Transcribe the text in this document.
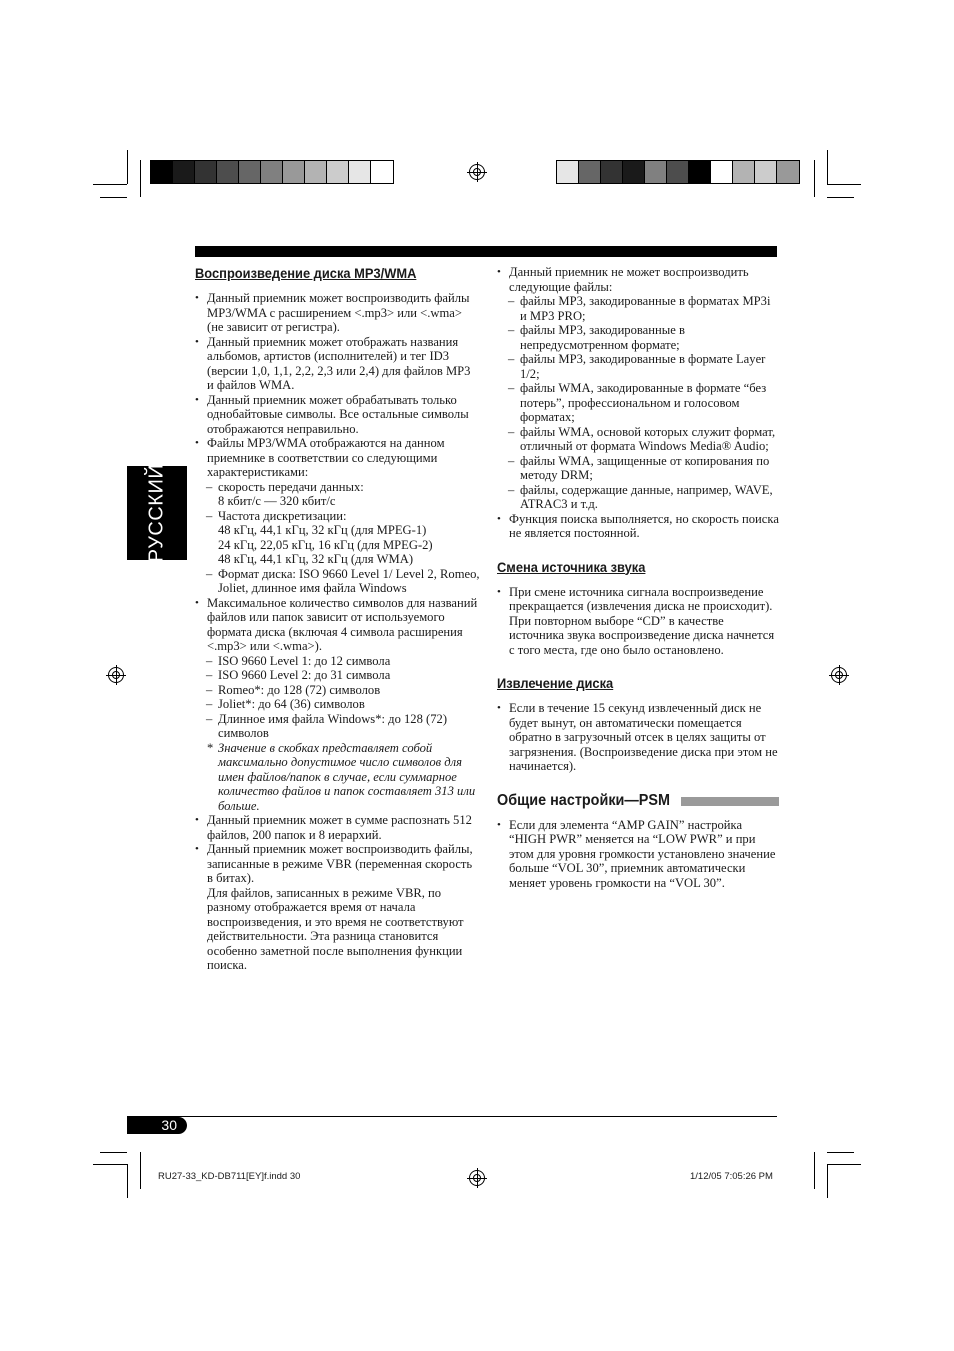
РУССКИЙ
Воспроизведение диска MP3/WMA
• Данный приемник может воспроизводить файлы MP3/WMA с расширением <.mp3> или <.wma> (не зависит от регистра).
• Данный приемник может отображать названия альбомов, артистов (исполнителей) и тег ID3 (версии 1,0, 1,1, 2,2, 2,3 или 2,4) для файлов MP3 и файлов WMA.
• Данный приемник может обрабатывать только однобайтовые символы. Все остальные символы отображаются неправильно.
• Файлы MP3/WMA отображаются на данном приемнике в соответствии со следующими характеристиками:
– скорость передачи данных:
8 кбит/с — 320 кбит/с
– Частота дискретизации:
48 кГц, 44,1 кГц, 32 кГц (для MPEG-1)
24 кГц, 22,05 кГц, 16 кГц (для MPEG-2)
48 кГц, 44,1 кГц, 32 кГц (для WMA)
– Формат диска: ISO 9660 Level 1/ Level 2, Romeo, Joliet, длинное имя файла Windows
• Максимальное количество символов для названий файлов или папок зависит от используемого формата диска (включая 4 символа расширения <.mp3> или <.wma>).
– ISO 9660 Level 1: до 12 символа
– ISO 9660 Level 2: до 31 символа
– Romeo*: до 128 (72) символов
– Joliet*: до 64 (36) символов
– Длинное имя файла Windows*: до 128 (72) символов
* Значение в скобках представляет собой максимально допустимое число символов для имен файлов/папок в случае, если суммарное количество файлов и папок составляет 313 или больше.
• Данный приемник может в сумме распознать 512 файлов, 200 папок и 8 иерархий.
• Данный приемник может воспроизводить файлы, записанные в режиме VBR (переменная скорость в битах).
Для файлов, записанных в режиме VBR, по разному отображается время от начала воспроизведения, и это время не соответствуют действительности. Эта разница становится особенно заметной после выполнения функции поиска.
• Данный приемник не может воспроизводить следующие файлы:
– файлы MP3, закодированные в форматах MP3i и MP3 PRO;
– файлы MP3, закодированные в непредусмотренном формате;
– файлы MP3, закодированные в формате Layer 1/2;
– файлы WMA, закодированные в формате “без потерь”, профессиональном и голосовом форматах;
– файлы WMA, основой которых служит формат, отличный от формата Windows Media® Audio;
– файлы WMA, защищенные от копирования по методу DRM;
– файлы, содержащие данные, например, WAVE, ATRAC3 и т.д.
• Функция поиска выполняется, но скорость поиска не является постоянной.
Смена источника звука
• При смене источника сигнала воспроизведение прекращается (извлечения диска не происходит).
При повторном выборе “CD” в качестве источника звука воспроизведение диска начнется с того места, где оно было остановлено.
Извлечение диска
• Если в течение 15 секунд извлеченный диск не будет вынут, он автоматически помещается обратно в загрузочный отсек в целях защиты от загрязнения. (Воспроизведение диска при этом не начинается).
Общие настройки—PSM
• Если для элемента “AMP GAIN” настройка “HIGH PWR” меняется на “LOW PWR” и при этом для уровня громкости установлено значение больше “VOL 30”, приемник автоматически меняет уровень громкости на “VOL 30”.
30
RU27-33_KD-DB711[EY]f.indd 30	1/12/05 7:05:26 PM
